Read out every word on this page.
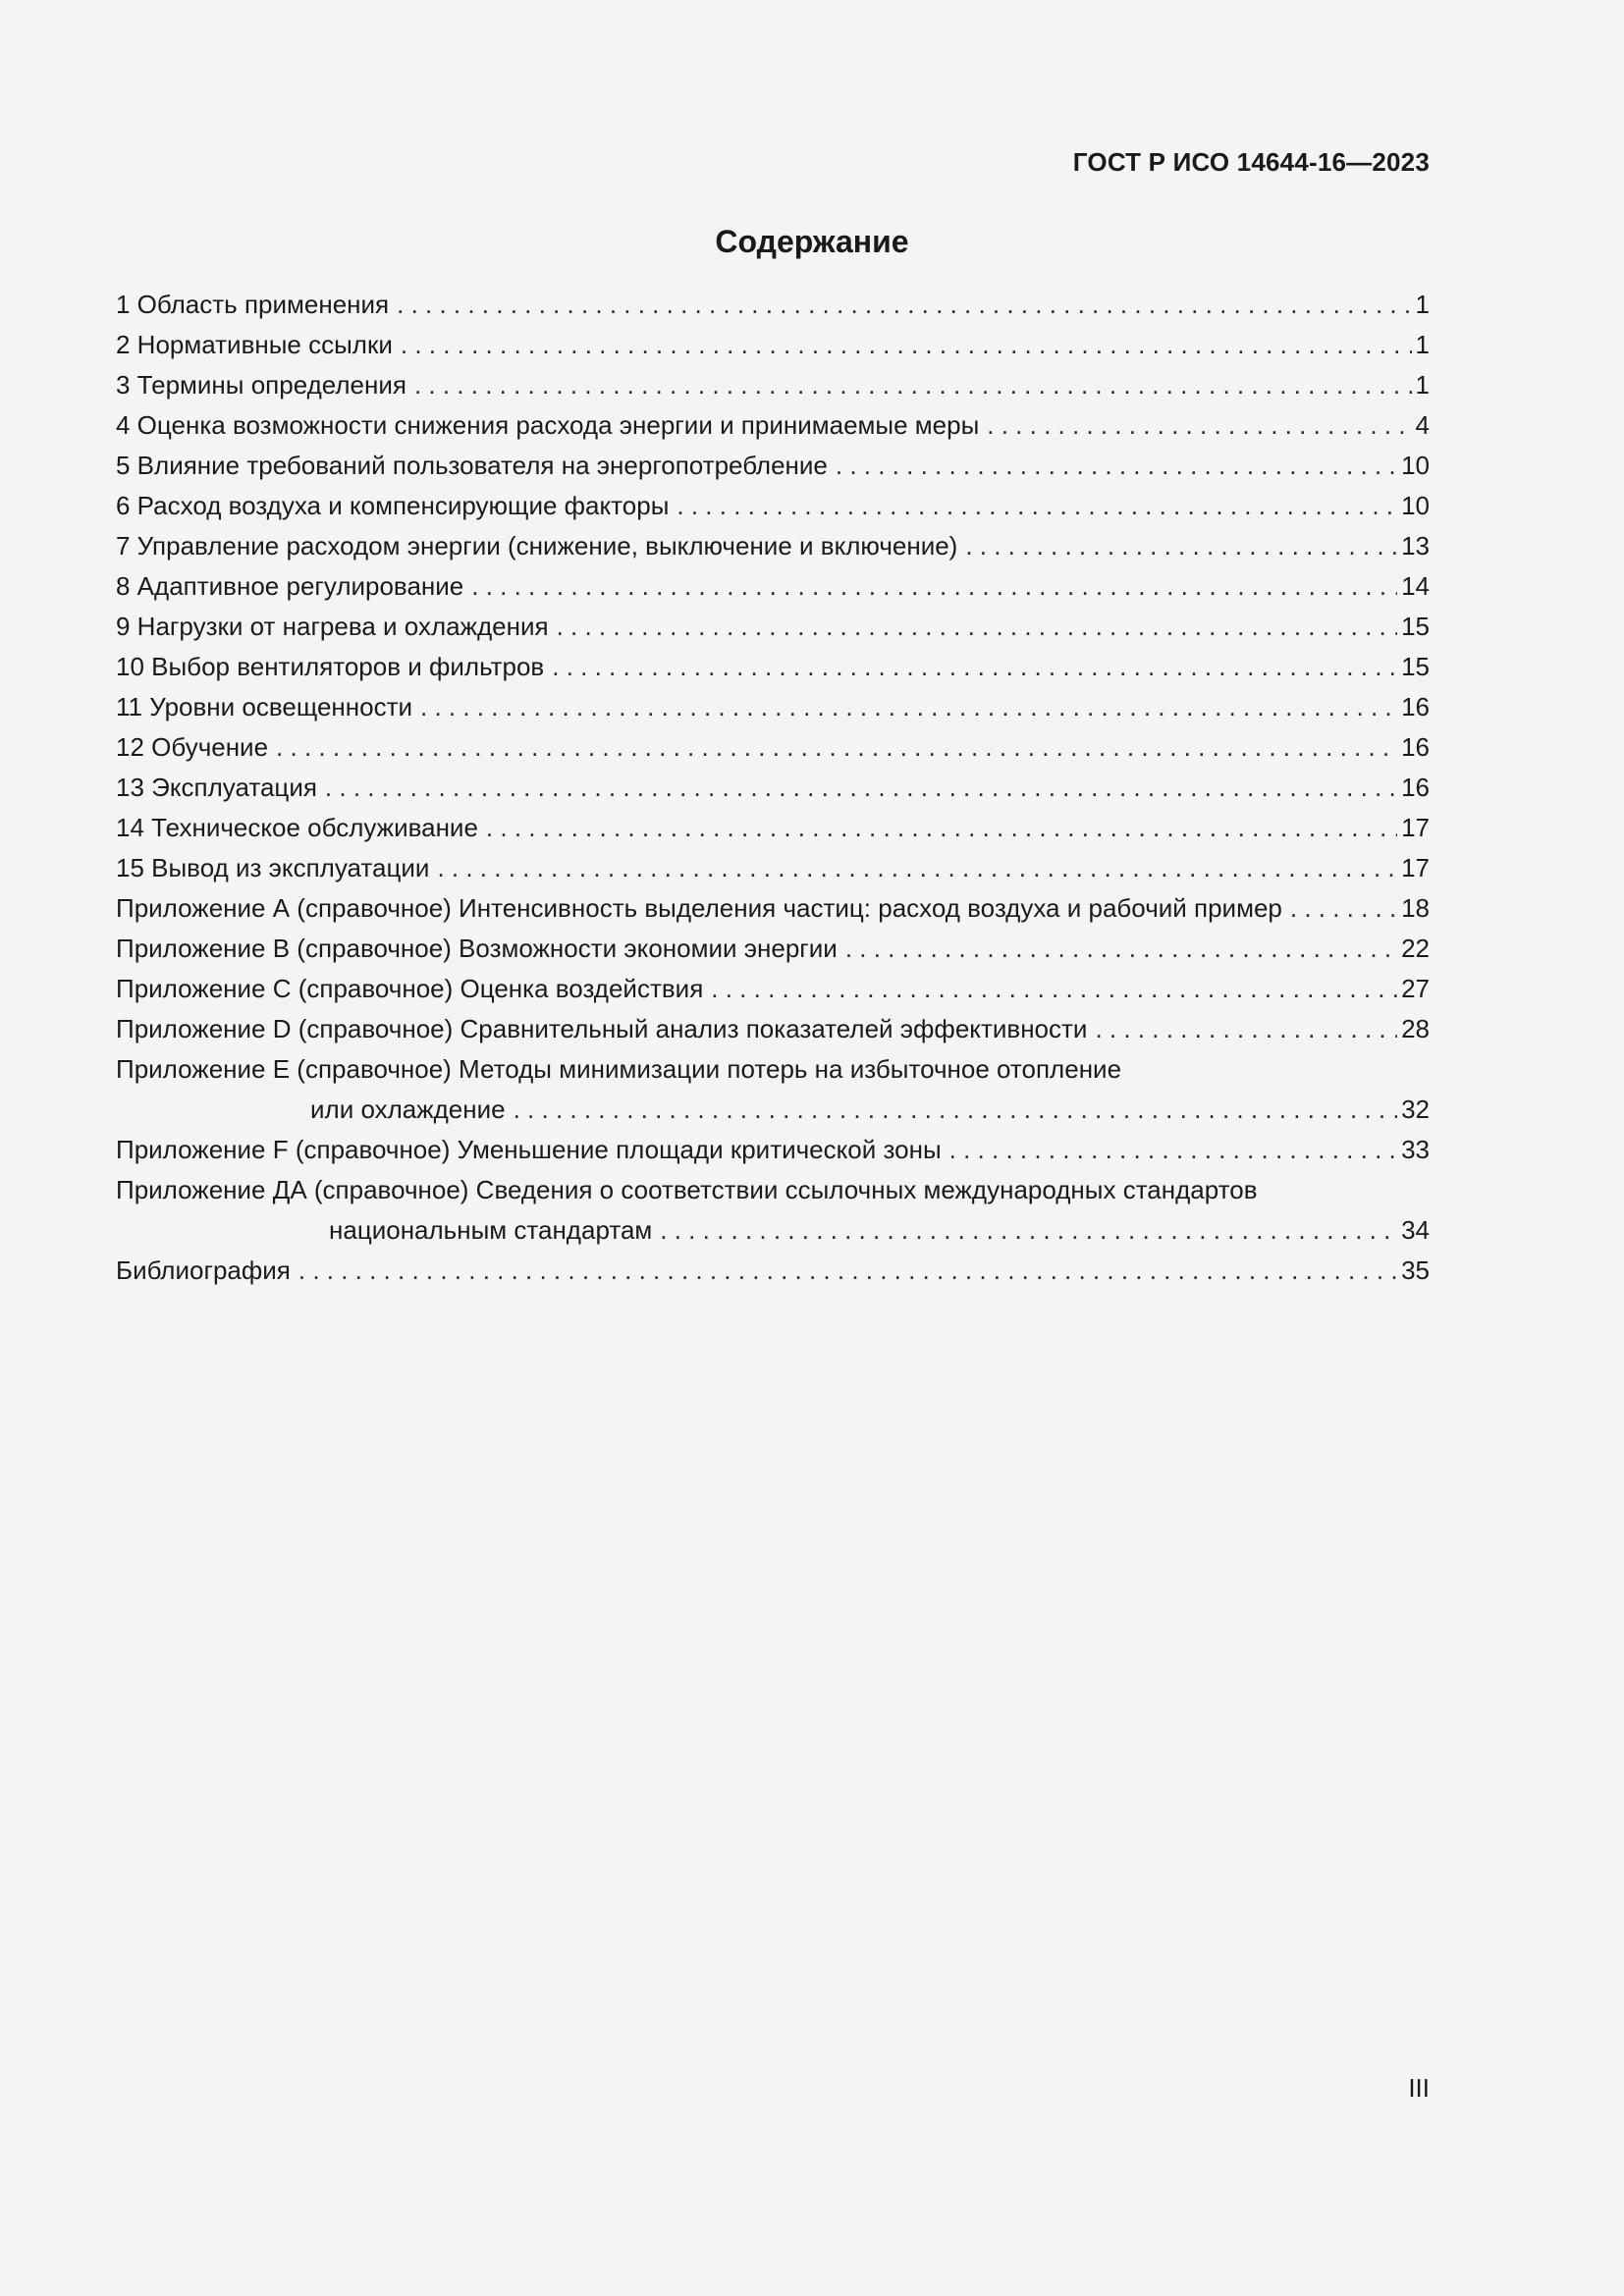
ГОСТ Р ИСО 14644-16—2023
Содержание
1 Область применения . . .	1
2 Нормативные ссылки . . .	1
3 Термины определения . . .	1
4 Оценка возможности снижения расхода энергии и принимаемые меры . . .	4
5 Влияние требований пользователя на энергопотребление . . .	10
6 Расход воздуха и компенсирующие факторы . . .	10
7 Управление расходом энергии (снижение, выключение и включение) . . .	13
8 Адаптивное регулирование . . .	14
9 Нагрузки от нагрева и охлаждения . . .	15
10 Выбор вентиляторов и фильтров . . .	15
11 Уровни освещенности . . .	16
12 Обучение . . .	16
13 Эксплуатация . . .	16
14 Техническое обслуживание . . .	17
15 Вывод из эксплуатации . . .	17
Приложение А (справочное) Интенсивность выделения частиц: расход воздуха и рабочий пример . . .	18
Приложение В (справочное) Возможности экономии энергии . . .	22
Приложение С (справочное) Оценка воздействия . . .	27
Приложение D (справочное) Сравнительный анализ показателей эффективности . . .	28
Приложение Е (справочное) Методы минимизации потерь на избыточное отопление
или охлаждение . . .	32
Приложение F (справочное) Уменьшение площади критической зоны . . .	33
Приложение ДА (справочное) Сведения о соответствии ссылочных международных стандартов
национальным стандартам . . .	34
Библиография . . .	35
III
